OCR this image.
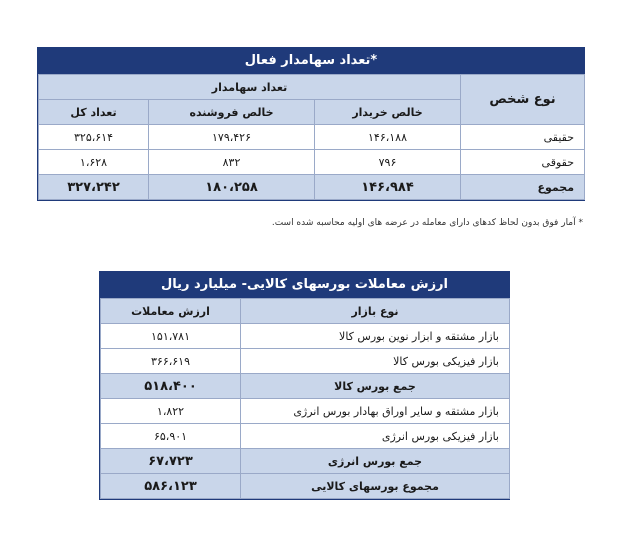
تعداد سهامدار فعال*
تعداد سهامدار			نوع شخص
تعداد کل	خالص فروشنده	خالص خریدار	
۳۲۵،۶۱۴	۱۷۹،۴۲۶	۱۴۶،۱۸۸	حقیقی
۱،۶۲۸	۸۳۲	۷۹۶	حقوقی
۳۲۷،۲۴۲	۱۸۰،۲۵۸	۱۴۶،۹۸۴	مجموع
* آمار فوق بدون لحاظ کدهای دارای معامله در عرضه های اولیه محاسبه شده است.
ارزش معاملات بورسهای کالایی- میلیارد ریال
ارزش معاملات	نوع بازار
۱۵۱،۷۸۱	بازار مشتقه و ابزار نوین بورس کالا
۳۶۶،۶۱۹	بازار فیزیکی بورس کالا
۵۱۸،۴۰۰	جمع بورس کالا
۱،۸۲۲	بازار مشتقه و سایر اوراق بهادار بورس انرژی
۶۵،۹۰۱	بازار فیزیکی بورس انرژی
۶۷،۷۲۳	جمع بورس انرژی
۵۸۶،۱۲۳	مجموع بورسهای کالایی
